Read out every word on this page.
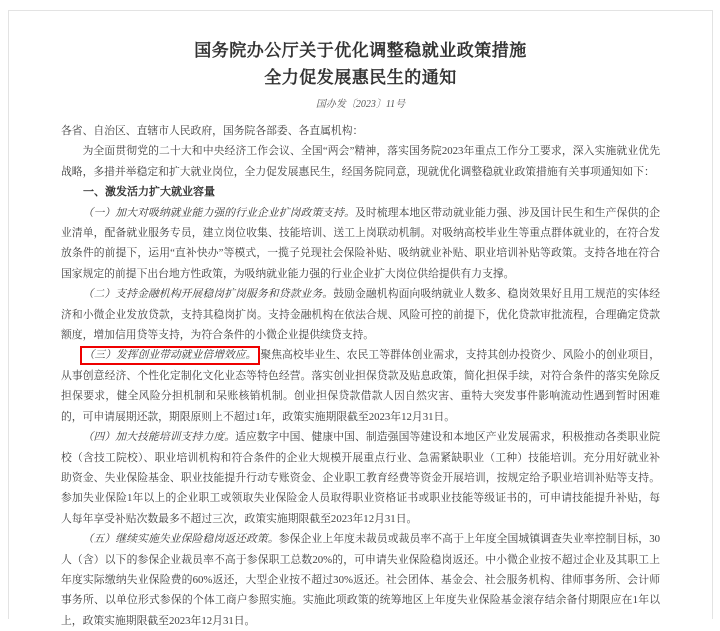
国务院办公厅关于优化调整稳就业政策措施
全力促发展惠民生的通知
国办发〔2023〕11号

各省、自治区、直辖市人民政府，国务院各部委、各直属机构：

为全面贯彻党的二十大和中央经济工作会议、全国“两会”精神，落实国务院2023年重点工作分工要求，深入实施就业优先战略，多措并举稳定和扩大就业岗位，全力促发展惠民生，经国务院同意，现就优化调整稳就业政策措施有关事项通知如下：

一、激发活力扩大就业容量

（一）加大对吸纳就业能力强的行业企业扩岗政策支持。及时梳理本地区带动就业能力强、涉及国计民生和生产保供的企业清单，配备就业服务专员，建立岗位收集、技能培训、送工上岗联动机制。对吸纳高校毕业生等重点群体就业的，在符合发放条件的前提下，运用“直补快办”等模式，一揽子兑现社会保险补贴、吸纳就业补贴、职业培训补贴等政策。支持各地在符合国家规定的前提下出台地方性政策，为吸纳就业能力强的行业企业扩大岗位供给提供有力支撑。

（二）支持金融机构开展稳岗扩岗服务和贷款业务。鼓励金融机构面向吸纳就业人数多、稳岗效果好且用工规范的实体经济和小微企业发放贷款，支持其稳岗扩岗。支持金融机构在依法合规、风险可控的前提下，优化贷款审批流程，合理确定贷款额度，增加信用贷等支持，为符合条件的小微企业提供续贷支持。

（三）发挥创业带动就业倍增效应。 聚焦高校毕业生、农民工等群体创业需求，支持其创办投资少、风险小的创业项目，从事创意经济、个性化定制化文化业态等特色经营。落实创业担保贷款及贴息政策，简化担保手续，对符合条件的落实免除反担保要求，健全风险分担机制和呆账核销机制。创业担保贷款借款人因自然灾害、重特大突发事件影响流动性遇到暂时困难的，可申请展期还款，期限原则上不超过1年，政策实施期限截至2023年12月31日。

（四）加大技能培训支持力度。适应数字中国、健康中国、制造强国等建设和本地区产业发展需求，积极推动各类职业院校（含技工院校）、职业培训机构和符合条件的企业大规模开展重点行业、急需紧缺职业（工种）技能培训。充分用好就业补助资金、失业保险基金、职业技能提升行动专账资金、企业职工教育经费等资金开展培训，按规定给予职业培训补贴等支持。参加失业保险1年以上的企业职工或领取失业保险金人员取得职业资格证书或职业技能等级证书的，可申请技能提升补贴，每人每年享受补贴次数最多不超过三次，政策实施期限截至2023年12月31日。

（五）继续实施失业保险稳岗返还政策。参保企业上年度未裁员或裁员率不高于上年度全国城镇调查失业率控制目标，30人（含）以下的参保企业裁员率不高于参保职工总数20%的，可申请失业保险稳岗返还。中小微企业按不超过企业及其职工上年度实际缴纳失业保险费的60%返还，大型企业按不超过30%返还。社会团体、基金会、社会服务机构、律师事务所、会计师事务所、以单位形式参保的个体工商户参照实施。实施此项政策的统筹地区上年度失业保险基金滚存结余备付期限应在1年以上，政策实施期限截至2023年12月31日。
